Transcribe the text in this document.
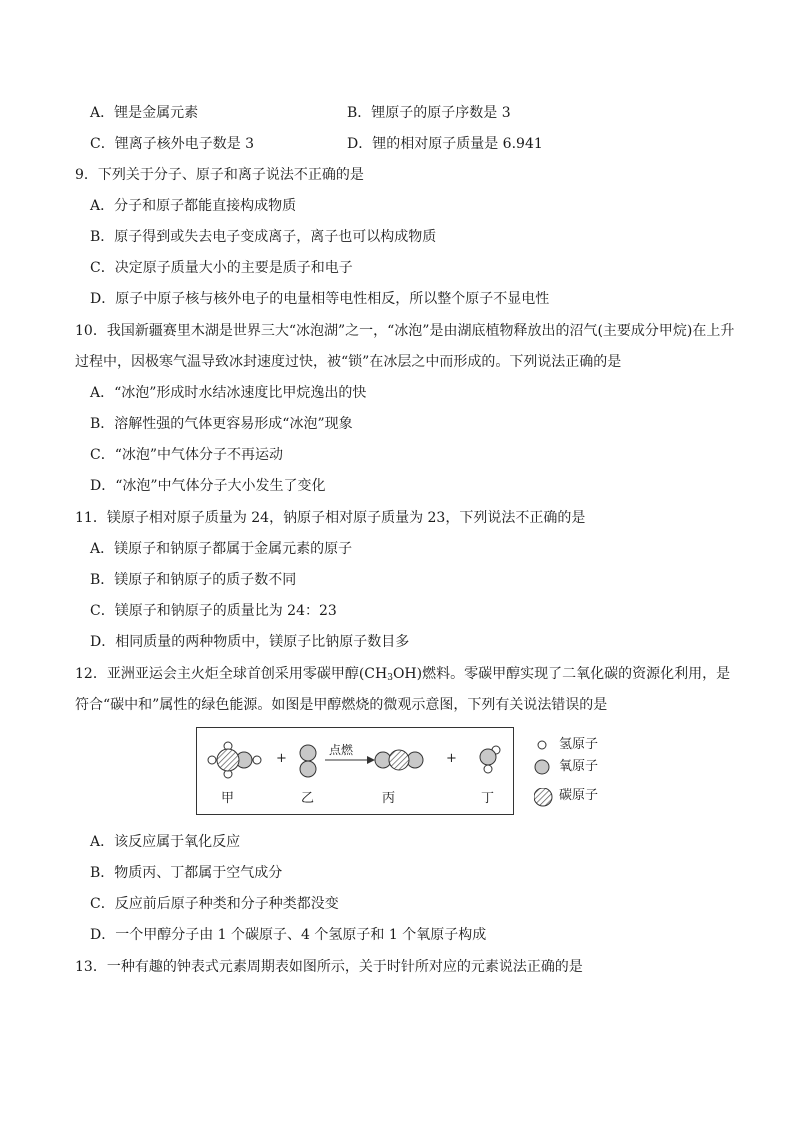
A．锂是金属元素	B．锂原子的原子序数是 3
C．锂离子核外电子数是 3	D．锂的相对原子质量是 6.941
9．下列关于分子、原子和离子说法不正确的是
A．分子和原子都能直接构成物质
B．原子得到或失去电子变成离子，离子也可以构成物质
C．决定原子质量大小的主要是质子和电子
D．原子中原子核与核外电子的电量相等电性相反，所以整个原子不显电性
10．我国新疆赛里木湖是世界三大“冰泡湖”之一，“冰泡”是由湖底植物释放出的沼气(主要成分甲烷)在上升
过程中，因极寒气温导致冰封速度过快，被“锁”在冰层之中而形成的。下列说法正确的是
A．“冰泡”形成时水结冰速度比甲烷逸出的快
B．溶解性强的气体更容易形成“冰泡”现象
C．“冰泡”中气体分子不再运动
D．“冰泡”中气体分子大小发生了变化
11．镁原子相对原子质量为 24，钠原子相对原子质量为 23，下列说法不正确的是
A．镁原子和钠原子都属于金属元素的原子
B．镁原子和钠原子的质子数不同
C．镁原子和钠原子的质量比为 24：23
D．相同质量的两种物质中，镁原子比钠原子数目多
12．亚洲亚运会主火炬全球首创采用零碳甲醇$(CH_3OH)$燃料。零碳甲醇实现了二氧化碳的资源化利用，是
符合“碳中和”属性的绿色能源。如图是甲醇燃烧的微观示意图，下列有关说法错误的是
+	+
点燃
甲	乙	丙	丁
氢原子
氧原子
碳原子
A．该反应属于氧化反应
B．物质丙、丁都属于空气成分
C．反应前后原子种类和分子种类都没变
D．一个甲醇分子由 1 个碳原子、4 个氢原子和 1 个氧原子构成
13．一种有趣的钟表式元素周期表如图所示，关于时针所对应的元素说法正确的是
